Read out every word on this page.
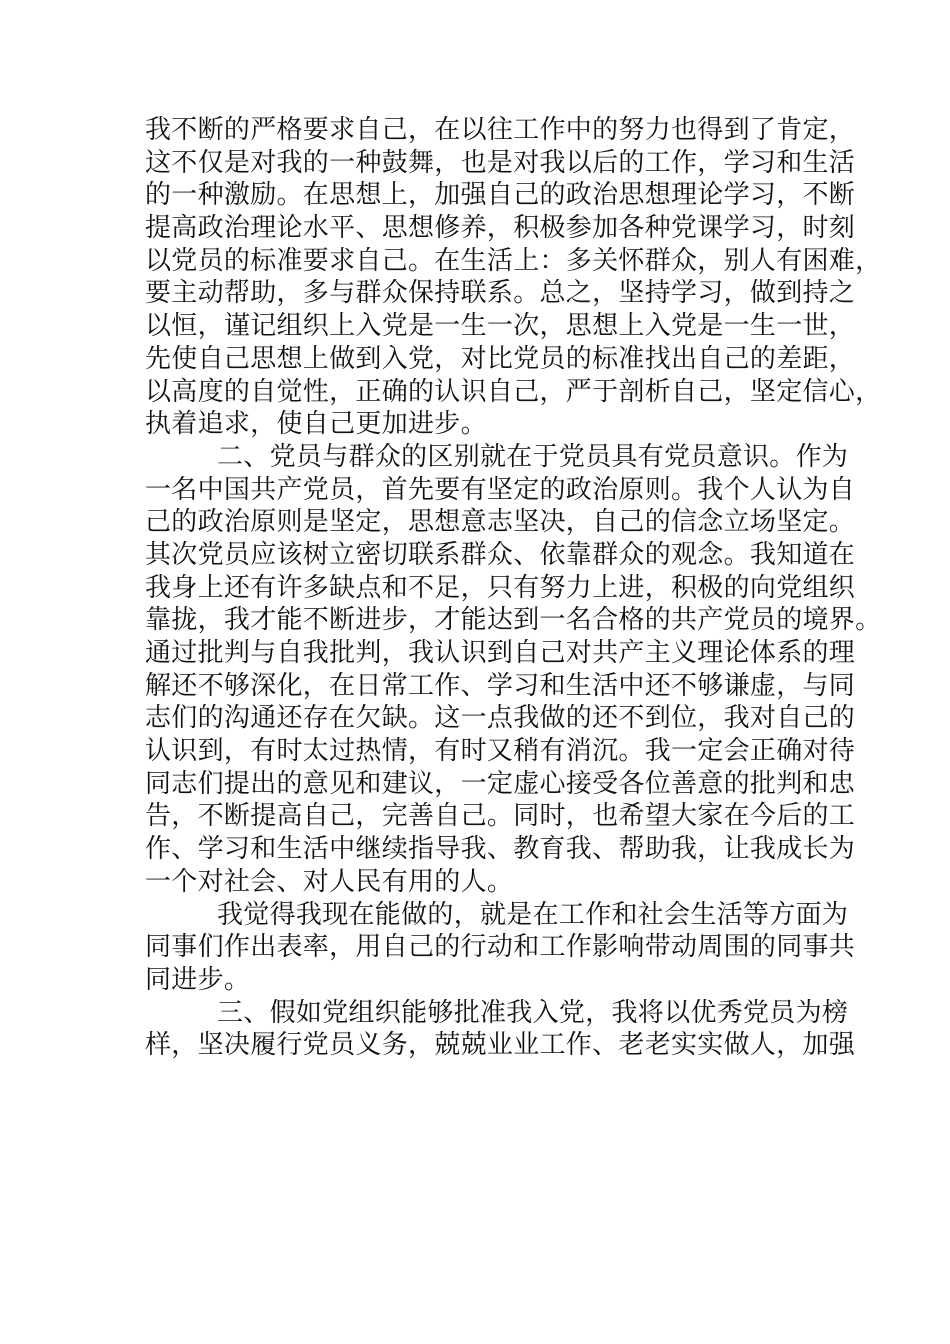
我不断的严格要求自己，在以往工作中的努力也得到了肯定，
这不仅是对我的一种鼓舞，也是对我以后的工作，学习和生活
的一种激励。在思想上，加强自己的政治思想理论学习，不断
提高政治理论水平、思想修养，积极参加各种党课学习，时刻
以党员的标准要求自己。在生活上：多关怀群众，别人有困难，
要主动帮助，多与群众保持联系。总之，坚持学习，做到持之
以恒，谨记组织上入党是一生一次，思想上入党是一生一世，
先使自己思想上做到入党，对比党员的标准找出自己的差距，
以高度的自觉性，正确的认识自己，严于剖析自己，坚定信心，
执着追求，使自己更加进步。
二、党员与群众的区别就在于党员具有党员意识。作为
一名中国共产党员，首先要有坚定的政治原则。我个人认为自
己的政治原则是坚定，思想意志坚决，自己的信念立场坚定。
其次党员应该树立密切联系群众、依靠群众的观念。我知道在
我身上还有许多缺点和不足，只有努力上进，积极的向党组织
靠拢，我才能不断进步，才能达到一名合格的共产党员的境界。
通过批判与自我批判，我认识到自己对共产主义理论体系的理
解还不够深化，在日常工作、学习和生活中还不够谦虚，与同
志们的沟通还存在欠缺。这一点我做的还不到位，我对自己的
认识到，有时太过热情，有时又稍有消沉。我一定会正确对待
同志们提出的意见和建议，一定虚心接受各位善意的批判和忠
告，不断提高自己，完善自己。同时，也希望大家在今后的工
作、学习和生活中继续指导我、教育我、帮助我，让我成长为
一个对社会、对人民有用的人。
我觉得我现在能做的，就是在工作和社会生活等方面为
同事们作出表率，用自己的行动和工作影响带动周围的同事共
同进步。
三、假如党组织能够批准我入党，我将以优秀党员为榜
样，坚决履行党员义务，兢兢业业工作、老老实实做人，加强
